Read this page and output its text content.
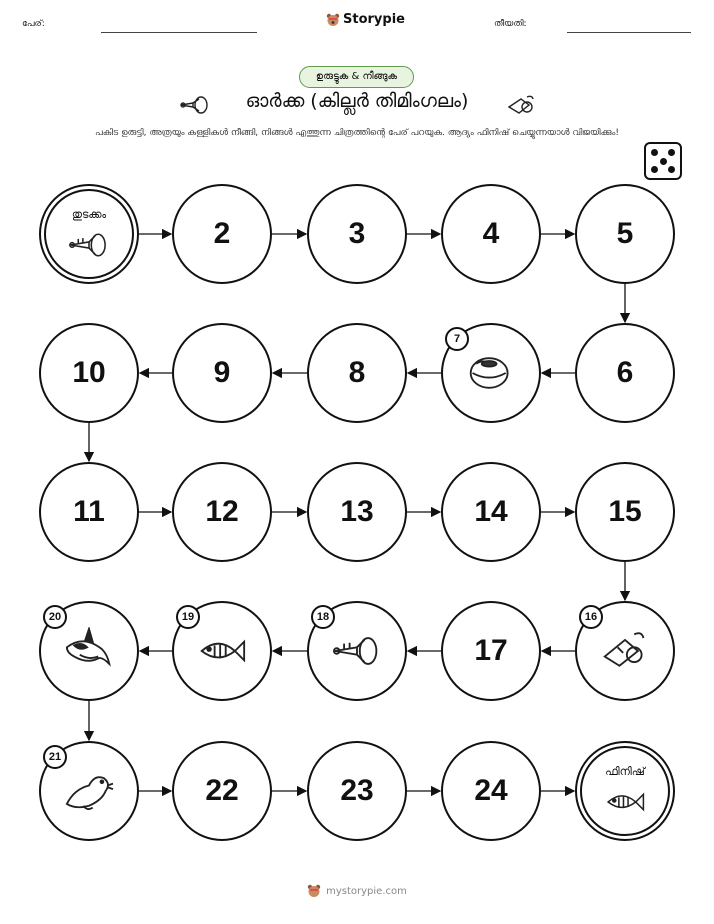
പേര്:	Storypie	തീയതി:
ഉരുട്ടുക & നീങ്ങുക
ഓർക്ക (കില്ലർ തിമിംഗലം)
പകിട ഉരുട്ടി, അത്രയും കള്ളികൾ നീങ്ങി, നിങ്ങൾ എത്തുന്ന ചിത്രത്തിന്റെ പേര് പറയുക. ആദ്യം ഫിനിഷ് ചെയ്യുന്നയാൾ വിജയിക്കും!
തുടക്കം
2	3	4	5
6
7
8
9
10
11	12	13	14	15
16
17
18
19
20
21
22	23	24
ഫിനിഷ്
mystorypie.com
